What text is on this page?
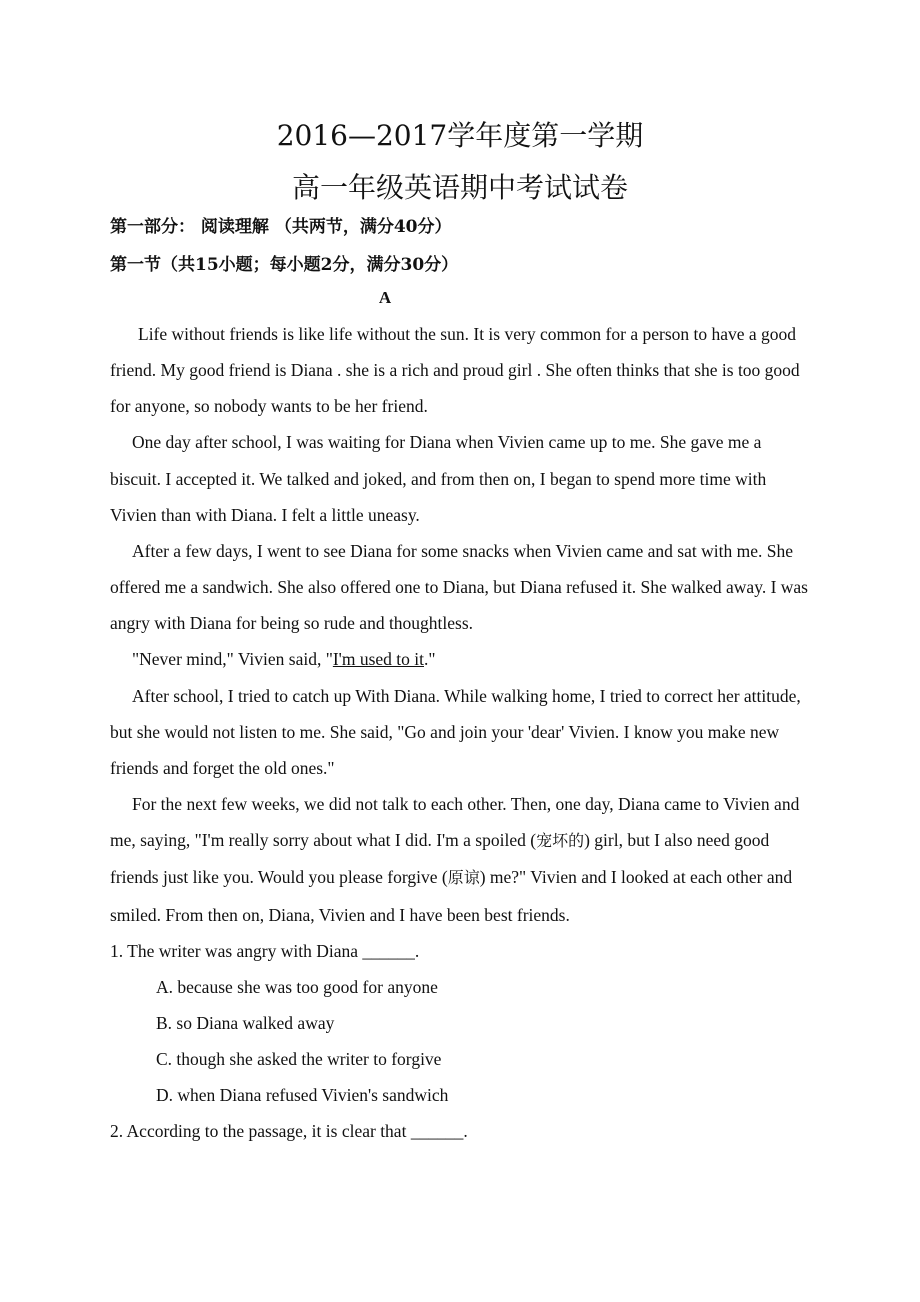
2016—2017学年度第一学期
高一年级英语期中考试试卷
第一部分： 阅读理解 （共两节，满分40分）
第一节（共15小题；每小题2分，满分30分）
A

Life without friends is like life without the sun. It is very common for a person to have a good friend. My good friend is Diana . she is a rich and proud girl . She often thinks that she is too good for anyone, so nobody wants to be her friend.

One day after school, I was waiting for Diana when Vivien came up to me. She gave me a biscuit. I accepted it. We talked and joked, and from then on, I began to spend more time with Vivien than with Diana. I felt a little uneasy.

After a few days, I went to see Diana for some snacks when Vivien came and sat with me. She offered me a sandwich. She also offered one to Diana, but Diana refused it. She walked away. I was angry with Diana for being so rude and thoughtless.

"Never mind," Vivien said, "I'm used to it."

After school, I tried to catch up With Diana. While walking home, I tried to correct her attitude, but she would not listen to me. She said, "Go and join your 'dear' Vivien. I know you make new friends and forget the old ones."

For the next few weeks, we did not talk to each other. Then, one day, Diana came to Vivien and me, saying, "I'm really sorry about what I did. I'm a spoiled (宠坏的) girl, but I also need good friends just like you. Would you please forgive (原谅) me?" Vivien and I looked at each other and smiled. From then on, Diana, Vivien and I have been best friends.

1. The writer was angry with Diana ______.

A. because she was too good for anyone

B. so Diana walked away

C. though she asked the writer to forgive

D. when Diana refused Vivien's sandwich

2. According to the passage, it is clear that ______.
